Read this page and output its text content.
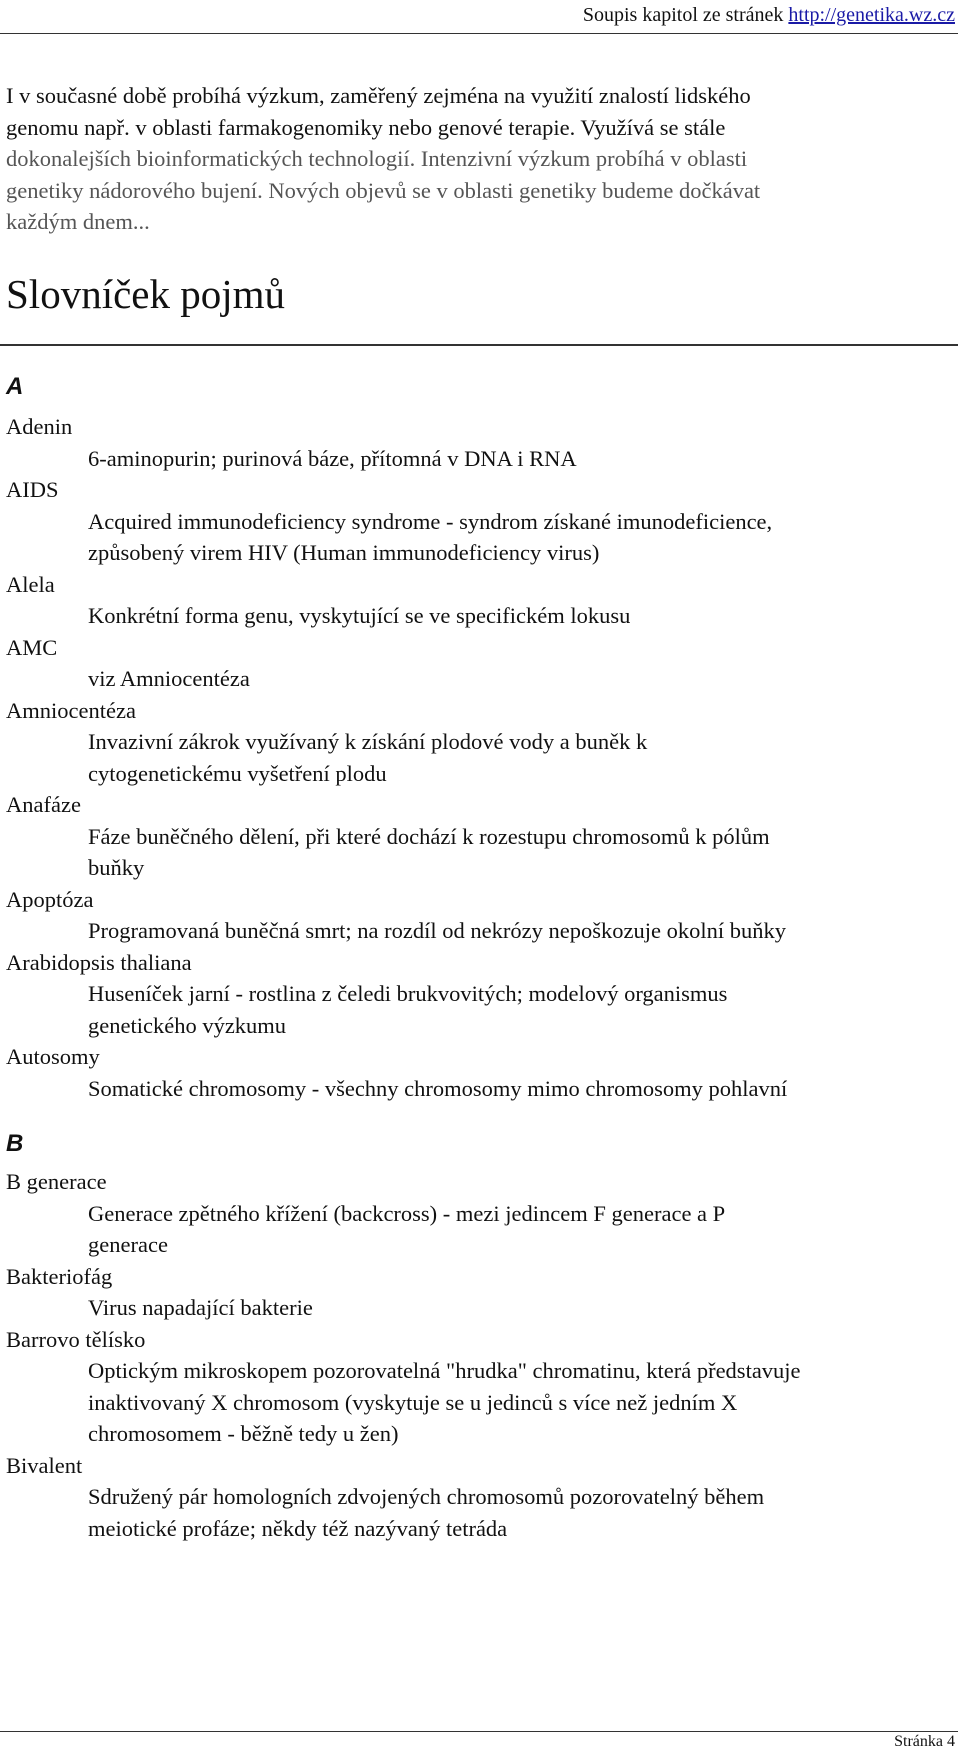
Soupis kapitol ze stránek http://genetika.wz.cz
I v současné době probíhá výzkum, zaměřený zejména na využití znalostí lidského
genomu např. v oblasti farmakogenomiky nebo genové terapie. Využívá se stále
dokonalejších bioinformatických technologií. Intenzivní výzkum probíhá v oblasti
genetiky nádorového bujení. Nových objevů se v oblasti genetiky budeme dočkávat
každým dnem...
Slovníček pojmů
A
Adenin
6-aminopurin; purinová báze, přítomná v DNA i RNA
AIDS
Acquired immunodeficiency syndrome - syndrom získané imunodeficience,
způsobený virem HIV (Human immunodeficiency virus)
Alela
Konkrétní forma genu, vyskytující se ve specifickém lokusu
AMC
viz Amniocentéza
Amniocentéza
Invazivní zákrok využívaný k získání plodové vody a buněk k
cytogenetickému vyšetření plodu
Anafáze
Fáze buněčného dělení, při které dochází k rozestupu chromosomů k pólům
buňky
Apoptóza
Programovaná buněčná smrt; na rozdíl od nekrózy nepoškozuje okolní buňky
Arabidopsis thaliana
Huseníček jarní - rostlina z čeledi brukvovitých; modelový organismus
genetického výzkumu
Autosomy
Somatické chromosomy - všechny chromosomy mimo chromosomy pohlavní
B
B generace
Generace zpětného křížení (backcross) - mezi jedincem F generace a P
generace
Bakteriofág
Virus napadající bakterie
Barrovo tělísko
Optickým mikroskopem pozorovatelná "hrudka" chromatinu, která představuje
inaktivovaný X chromosom (vyskytuje se u jedinců s více než jedním X
chromosomem - běžně tedy u žen)
Bivalent
Sdružený pár homologních zdvojených chromosomů pozorovatelný během
meiotické profáze; někdy též nazývaný tetráda
Stránka 4
